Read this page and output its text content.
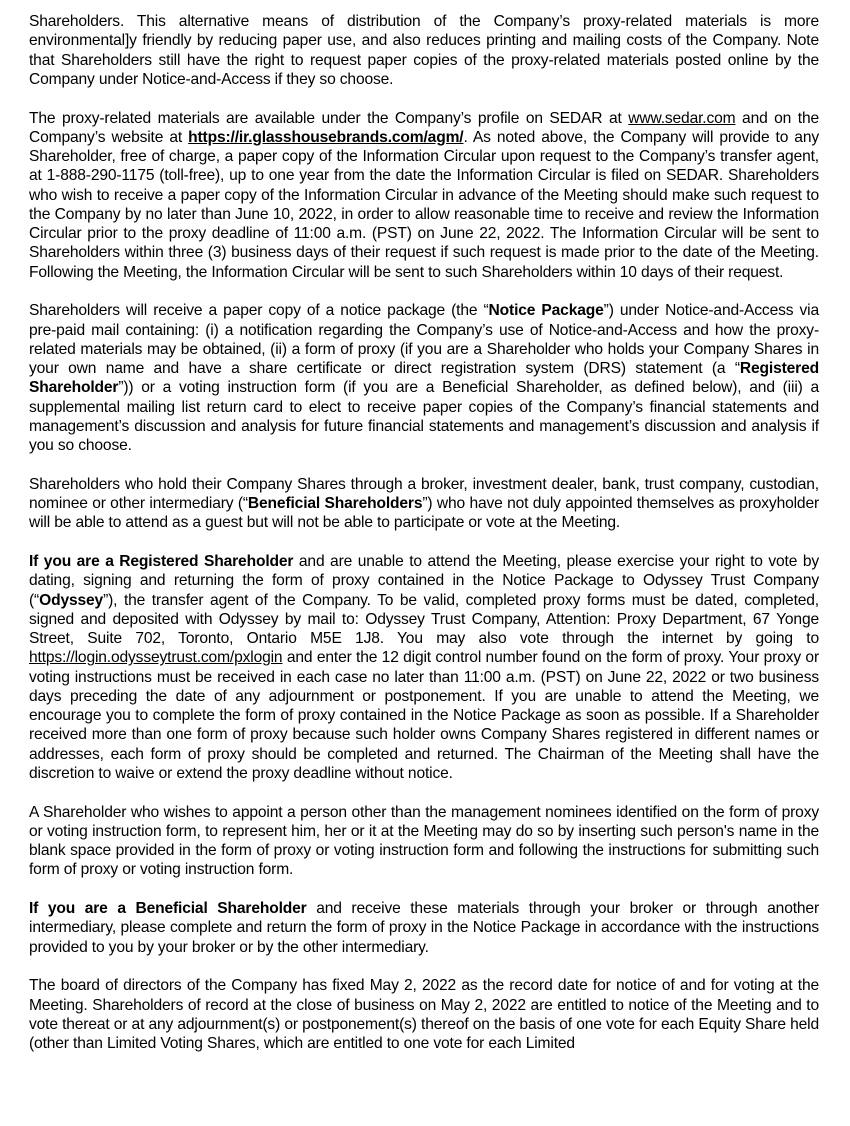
Shareholders. This alternative means of distribution of the Company’s proxy-related materials is more environmental]y friendly by reducing paper use, and also reduces printing and mailing costs of the Company. Note that Shareholders still have the right to request paper copies of the proxy-related materials posted online by the Company under Notice-and-Access if they so choose.

The proxy-related materials are available under the Company’s profile on SEDAR at www.sedar.com and on the Company’s website at https://ir.glasshousebrands.com/agm/. As noted above, the Company will provide to any Shareholder, free of charge, a paper copy of the Information Circular upon request to the Company’s transfer agent, at 1-888-290-1175 (toll-free), up to one year from the date the Information Circular is filed on SEDAR. Shareholders who wish to receive a paper copy of the Information Circular in advance of the Meeting should make such request to the Company by no later than June 10, 2022, in order to allow reasonable time to receive and review the Information Circular prior to the proxy deadline of 11:00 a.m. (PST) on June 22, 2022. The Information Circular will be sent to Shareholders within three (3) business days of their request if such request is made prior to the date of the Meeting. Following the Meeting, the Information Circular will be sent to such Shareholders within 10 days of their request.

Shareholders will receive a paper copy of a notice package (the “Notice Package”) under Notice-and-Access via pre-paid mail containing: (i) a notification regarding the Company’s use of Notice-and-Access and how the proxy-related materials may be obtained, (ii) a form of proxy (if you are a Shareholder who holds your Company Shares in your own name and have a share certificate or direct registration system (DRS) statement (a “Registered Shareholder”)) or a voting instruction form (if you are a Beneficial Shareholder, as defined below), and (iii) a supplemental mailing list return card to elect to receive paper copies of the Company’s financial statements and management’s discussion and analysis for future financial statements and management’s discussion and analysis if you so choose.

Shareholders who hold their Company Shares through a broker, investment dealer, bank, trust company, custodian, nominee or other intermediary (“Beneficial Shareholders”) who have not duly appointed themselves as proxyholder will be able to attend as a guest but will not be able to participate or vote at the Meeting.

If you are a Registered Shareholder and are unable to attend the Meeting, please exercise your right to vote by dating, signing and returning the form of proxy contained in the Notice Package to Odyssey Trust Company (“Odyssey”), the transfer agent of the Company. To be valid, completed proxy forms must be dated, completed, signed and deposited with Odyssey by mail to: Odyssey Trust Company, Attention: Proxy Department, 67 Yonge Street, Suite 702, Toronto, Ontario M5E 1J8. You may also vote through the internet by going to https://login.odysseytrust.com/pxlogin and enter the 12 digit control number found on the form of proxy. Your proxy or voting instructions must be received in each case no later than 11:00 a.m. (PST) on June 22, 2022 or two business days preceding the date of any adjournment or postponement. If you are unable to attend the Meeting, we encourage you to complete the form of proxy contained in the Notice Package as soon as possible. If a Shareholder received more than one form of proxy because such holder owns Company Shares registered in different names or addresses, each form of proxy should be completed and returned. The Chairman of the Meeting shall have the discretion to waive or extend the proxy deadline without notice.

A Shareholder who wishes to appoint a person other than the management nominees identified on the form of proxy or voting instruction form, to represent him, her or it at the Meeting may do so by inserting such person's name in the blank space provided in the form of proxy or voting instruction form and following the instructions for submitting such form of proxy or voting instruction form.

If you are a Beneficial Shareholder and receive these materials through your broker or through another intermediary, please complete and return the form of proxy in the Notice Package in accordance with the instructions provided to you by your broker or by the other intermediary.

The board of directors of the Company has fixed May 2, 2022 as the record date for notice of and for voting at the Meeting. Shareholders of record at the close of business on May 2, 2022 are entitled to notice of the Meeting and to vote thereat or at any adjournment(s) or postponement(s) thereof on the basis of one vote for each Equity Share held (other than Limited Voting Shares, which are entitled to one vote for each Limited
